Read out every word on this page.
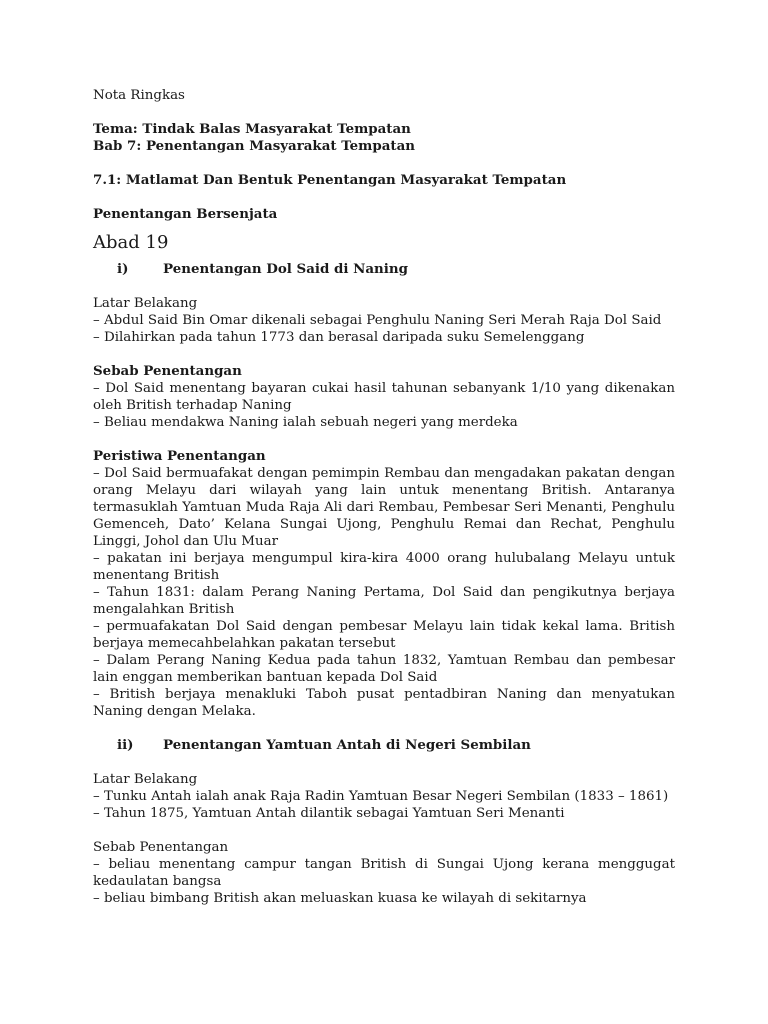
Nota Ringkas
Tema: Tindak Balas Masyarakat Tempatan
Bab 7: Penentangan Masyarakat Tempatan
7.1: Matlamat Dan Bentuk Penentangan Masyarakat Tempatan
Penentangan Bersenjata
Abad 19
i)	Penentangan Dol Said di Naning
Latar Belakang
– Abdul Said Bin Omar dikenali sebagai Penghulu Naning Seri Merah Raja Dol Said
– Dilahirkan pada tahun 1773 dan berasal daripada suku Semelenggang
Sebab Penentangan
– Dol Said menentang bayaran cukai hasil tahunan sebanyank 1/10 yang dikenakan oleh British terhadap Naning
– Beliau mendakwa Naning ialah sebuah negeri yang merdeka
Peristiwa Penentangan
– Dol Said bermuafakat dengan pemimpin Rembau dan mengadakan pakatan dengan orang Melayu dari wilayah yang lain untuk menentang British. Antaranya termasuklah Yamtuan Muda Raja Ali dari Rembau, Pembesar Seri Menanti, Penghulu Gemenceh, Dato’ Kelana Sungai Ujong, Penghulu Remai dan Rechat, Penghulu Linggi, Johol dan Ulu Muar
– pakatan ini berjaya mengumpul kira-kira 4000 orang hulubalang Melayu untuk menentang British
– Tahun 1831: dalam Perang Naning Pertama, Dol Said dan pengikutnya berjaya mengalahkan British
– permuafakatan Dol Said dengan pembesar Melayu lain tidak kekal lama. British berjaya memecahbelahkan pakatan tersebut
– Dalam Perang Naning Kedua pada tahun 1832, Yamtuan Rembau dan pembesar lain enggan memberikan bantuan kepada Dol Said
– British berjaya menakluki Taboh pusat pentadbiran Naning dan menyatukan Naning dengan Melaka.
ii)	Penentangan Yamtuan Antah di Negeri Sembilan
Latar Belakang
– Tunku Antah ialah anak Raja Radin Yamtuan Besar Negeri Sembilan (1833 – 1861)
– Tahun 1875, Yamtuan Antah dilantik sebagai Yamtuan Seri Menanti
Sebab Penentangan
– beliau menentang campur tangan British di Sungai Ujong kerana menggugat kedaulatan bangsa
– beliau bimbang British akan meluaskan kuasa ke wilayah di sekitarnya
